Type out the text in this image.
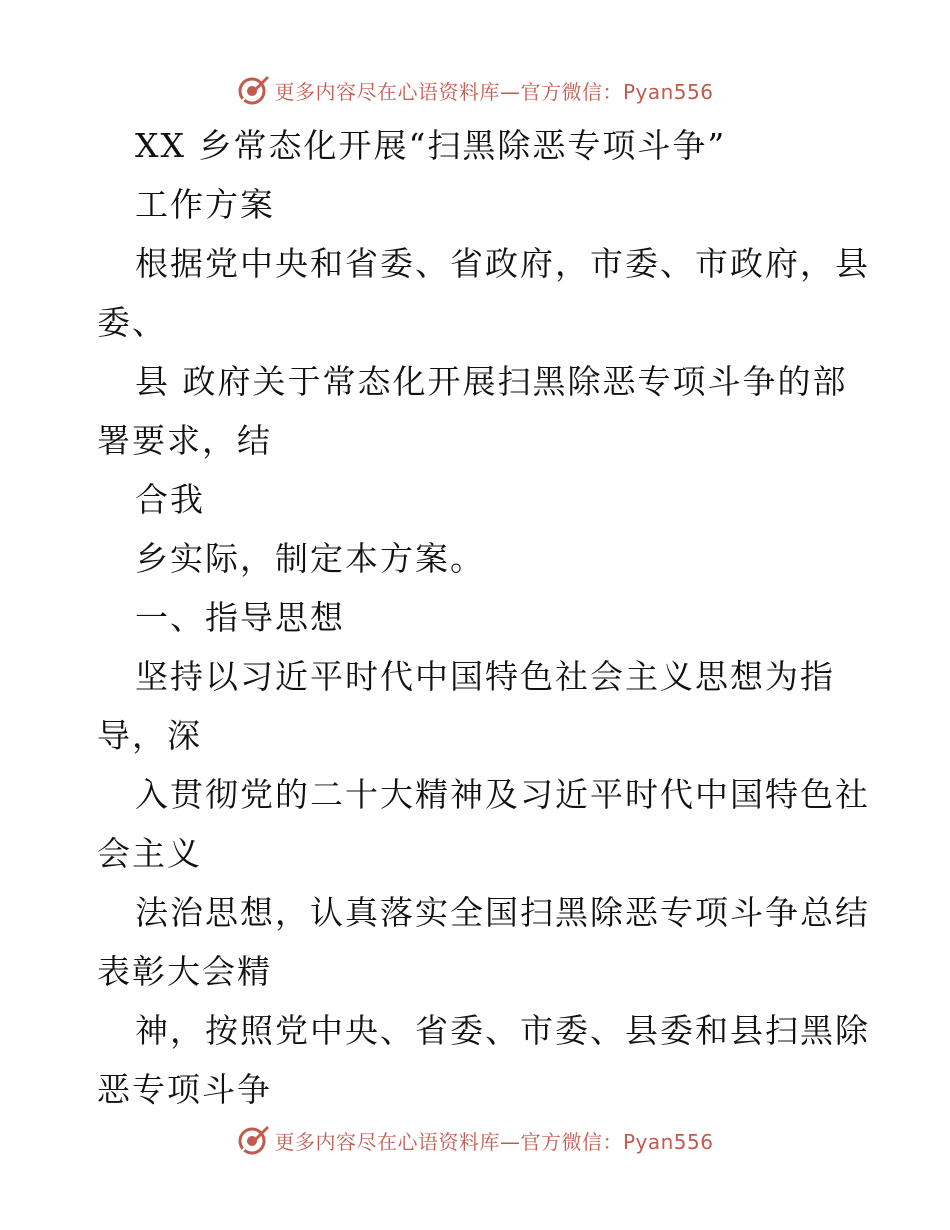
更多内容尽在心语资料库—官方微信：Pyan556
XX 乡常态化开展“扫黑除恶专项斗争”
工作方案
根据党中央和省委、省政府，市委、市政府，县
委、
县 政府关于常态化开展扫黑除恶专项斗争的部
署要求，结
合我
乡实际，制定本方案。
一、指导思想
坚持以习近平时代中国特色社会主义思想为指
导，深
入贯彻党的二十大精神及习近平时代中国特色社
会主义
法治思想，认真落实全国扫黑除恶专项斗争总结
表彰大会精
神，按照党中央、省委、市委、县委和县扫黑除
恶专项斗争
更多内容尽在心语资料库—官方微信：Pyan556
